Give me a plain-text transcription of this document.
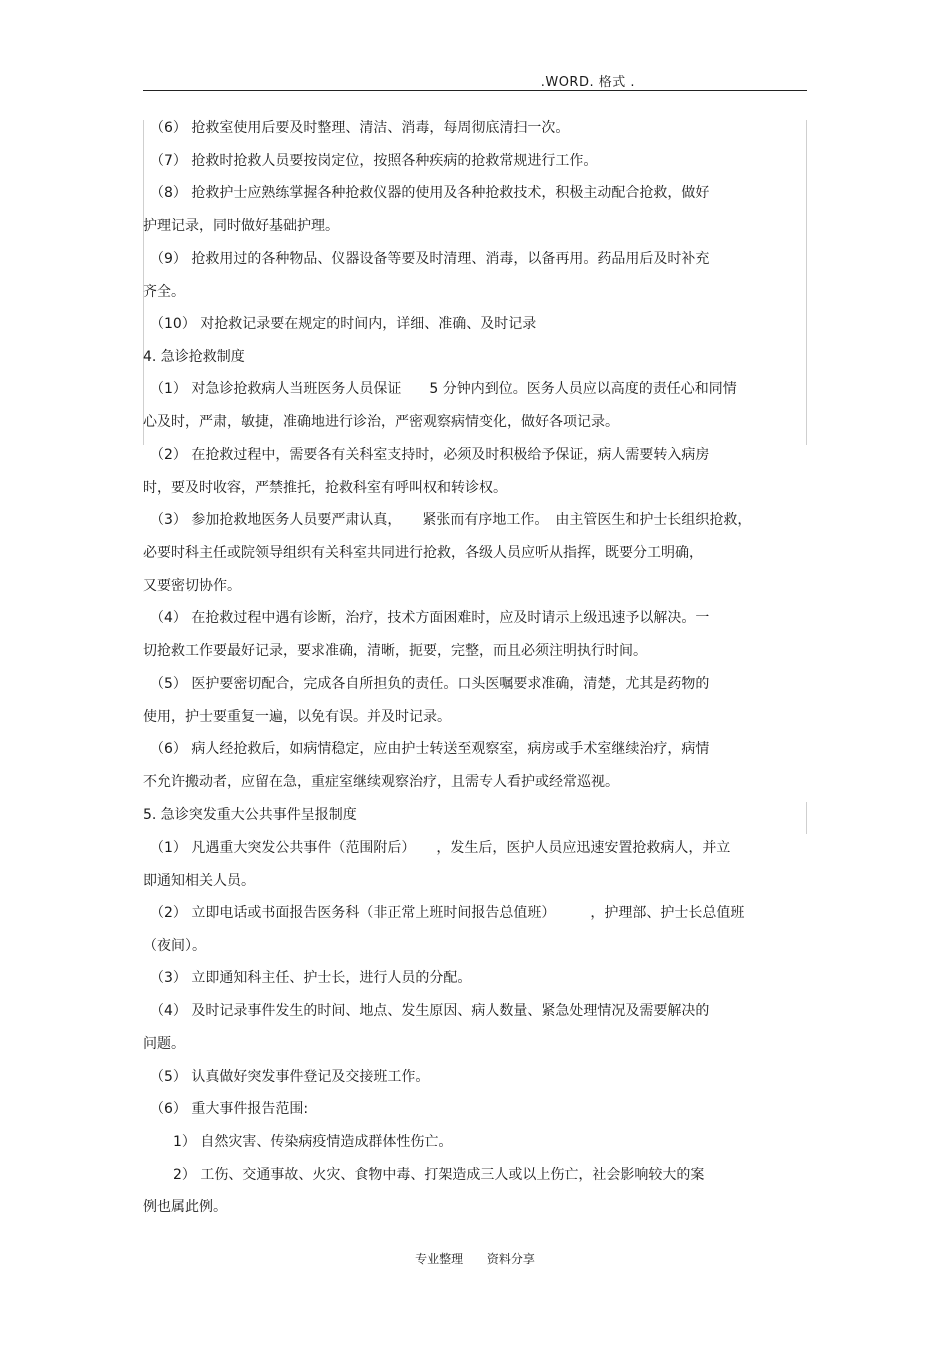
.WORD. 格式 .
（6） 抢救室使用后要及时整理、清洁、消毒，每周彻底清扫一次。
（7） 抢救时抢救人员要按岗定位，按照各种疾病的抢救常规进行工作。
（8） 抢救护士应熟练掌握各种抢救仪器的使用及各种抢救技术，积极主动配合抢救，做好
护理记录，同时做好基础护理。
（9） 抢救用过的各种物品、仪器设备等要及时清理、消毒，以备再用。药品用后及时补充
齐全。
（10） 对抢救记录要在规定的时间内，详细、准确、及时记录
4. 急诊抢救制度
（1） 对急诊抢救病人当班医务人员保证　　5 分钟内到位。医务人员应以高度的责任心和同情
心及时，严肃，敏捷，准确地进行诊治，严密观察病情变化，做好各项记录。
（2） 在抢救过程中，需要各有关科室支持时，必须及时积极给予保证，病人需要转入病房
时，要及时收容，严禁推托，抢救科室有呼叫权和转诊权。
（3） 参加抢救地医务人员要严肃认真，　　紧张而有序地工作。　由主管医生和护士长组织抢救，
必要时科主任或院领导组织有关科室共同进行抢救，各级人员应听从指挥，既要分工明确，
又要密切协作。
（4） 在抢救过程中遇有诊断，治疗，技术方面困难时，应及时请示上级迅速予以解决。一
切抢救工作要最好记录，要求准确，清晰，扼要，完整，而且必须注明执行时间。
（5） 医护要密切配合，完成各自所担负的责任。口头医嘱要求准确，清楚，尤其是药物的
使用，护士要重复一遍，以免有误。并及时记录。
（6） 病人经抢救后，如病情稳定，应由护士转送至观察室，病房或手术室继续治疗，病情
不允许搬动者，应留在急，重症室继续观察治疗，且需专人看护或经常巡视。
5. 急诊突发重大公共事件呈报制度
（1） 凡遇重大突发公共事件（范围附后）　　，发生后，医护人员应迅速安置抢救病人，并立
即通知相关人员。
（2） 立即电话或书面报告医务科（非正常上班时间报告总值班）　　　，护理部、护士长总值班
（夜间）。
（3） 立即通知科主任、护士长，进行人员的分配。
（4） 及时记录事件发生的时间、地点、发生原因、病人数量、紧急处理情况及需要解决的
问题。
（5） 认真做好突发事件登记及交接班工作。
（6） 重大事件报告范围:
1） 自然灾害、传染病疫情造成群体性伤亡。
2） 工伤、交通事故、火灾、食物中毒、打架造成三人或以上伤亡，社会影响较大的案
例也属此例。
专业整理 资料分享
